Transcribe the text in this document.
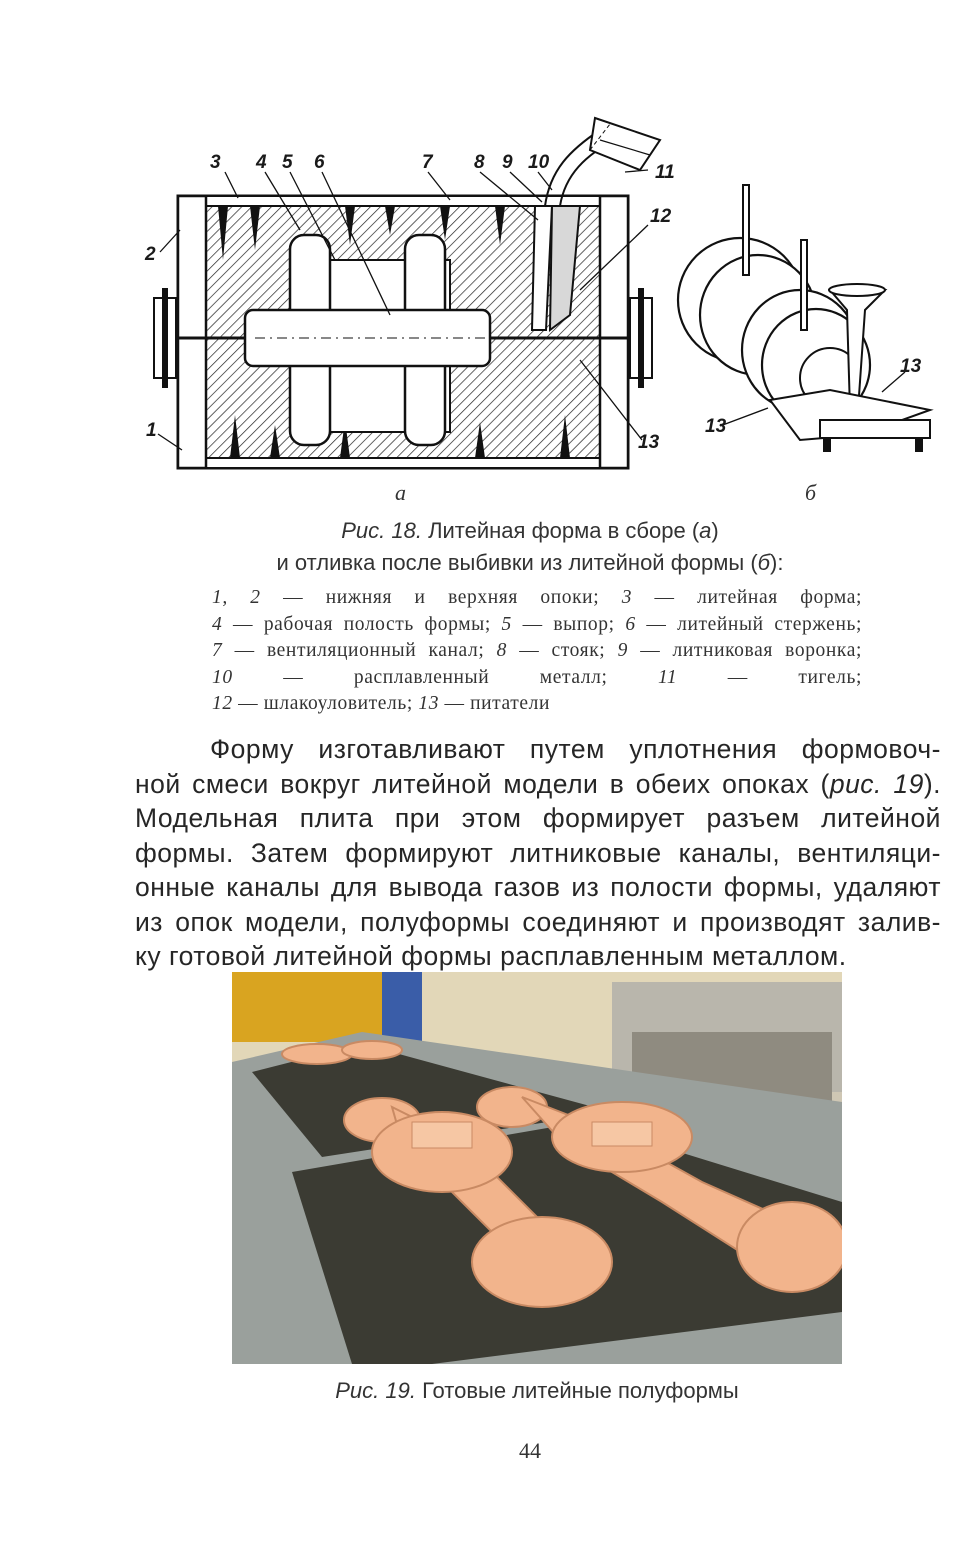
3 4 5 6	7 8 9 10	11
12
2
1
13
13
13
а	б
Рис. 18. Литейная форма в сборе (а)
и отливка после выбивки из литейной формы (б):
1, 2 — нижняя и верхняя опоки; 3 — литейная форма;
4 — рабочая полость формы; 5 — выпор; 6 — литейный стержень;
7 — вентиляционный канал; 8 — стояк; 9 — литниковая воронка;
10 — расплавленный металл; 11 — тигель;
12 — шлакоуловитель; 13 — питатели
Форму изготавливают путем уплотнения формовоч-
ной смеси вокруг литейной модели в обеих опоках (рис. 19).
Модельная плита при этом формирует разъем литейной
формы. Затем формируют литниковые каналы, вентиляци-
онные каналы для вывода газов из полости формы, удаляют
из опок модели, полуформы соединяют и производят залив-
ку готовой литейной формы расплавленным металлом.
Рис. 19. Готовые литейные полуформы
44
